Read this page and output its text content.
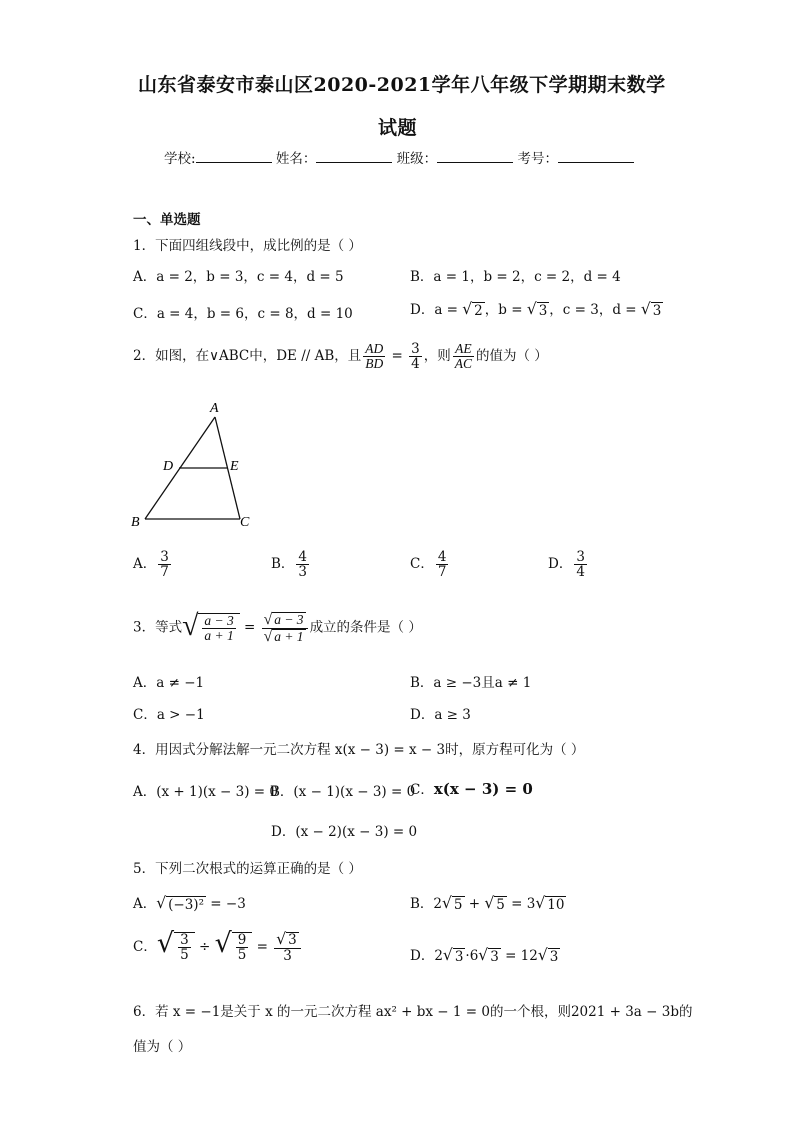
山东省泰安市泰山区2020-2021学年八年级下学期期末数学
试题
学校:	姓名：	班级：	考号：
一、单选题
1．下面四组线段中，成比例的是（ ）
A．a = 2，b = 3，c = 4，d = 5	B．a = 1，b = 2，c = 2，d = 4
C．a = 4，b = 6，c = 8，d = 10	D．a = √ 2 ，b = √ 3 ，c = 3，d = √ 3
2．如图，在∨ABC中，DE // AB，且 $\frac{AD}{BD} = \frac{3}{4}$ ，则 $\frac{AE}{AC}$ 的值为（ ）
A
D	E
B	C
A． $\frac{3}{7}$	B． $\frac{4}{3}$	C． $\frac{4}{7}$	D． $\frac{3}{4}$
3．等式 √ $\frac{a - 3}{a + 1} = \frac{√ a - 3}{√ a + 1}$ 成立的条件是（ ）
A．a ≠ −1	B．a ≥ −3且a ≠ 1
C．a > −1	D．a ≥ 3
4．用因式分解法解一元二次方程 x(x − 3) = x − 3时，原方程可化为（ ）
A．(x + 1)(x − 3) = 0
B．(x − 1)(x − 3) = 0
C．x(x − 3) = 0
D．(x − 2)(x − 3) = 0
5．下列二次根式的运算正确的是（ ）
A． √ (−3)² = −3	B．2 √ 5 + √ 5 = 3 √ 10
C． √ $\frac{3}{5}$ ÷ √ $\frac{9}{5} = \frac{√ 3}{3}$	D．2 √ 3 ·6 √ 3 = 12 √ 3
6．若 x = −1是关于 x 的一元二次方程 ax² + bx − 1 = 0的一个根，则2021 + 3a − 3b的
值为（ ）
